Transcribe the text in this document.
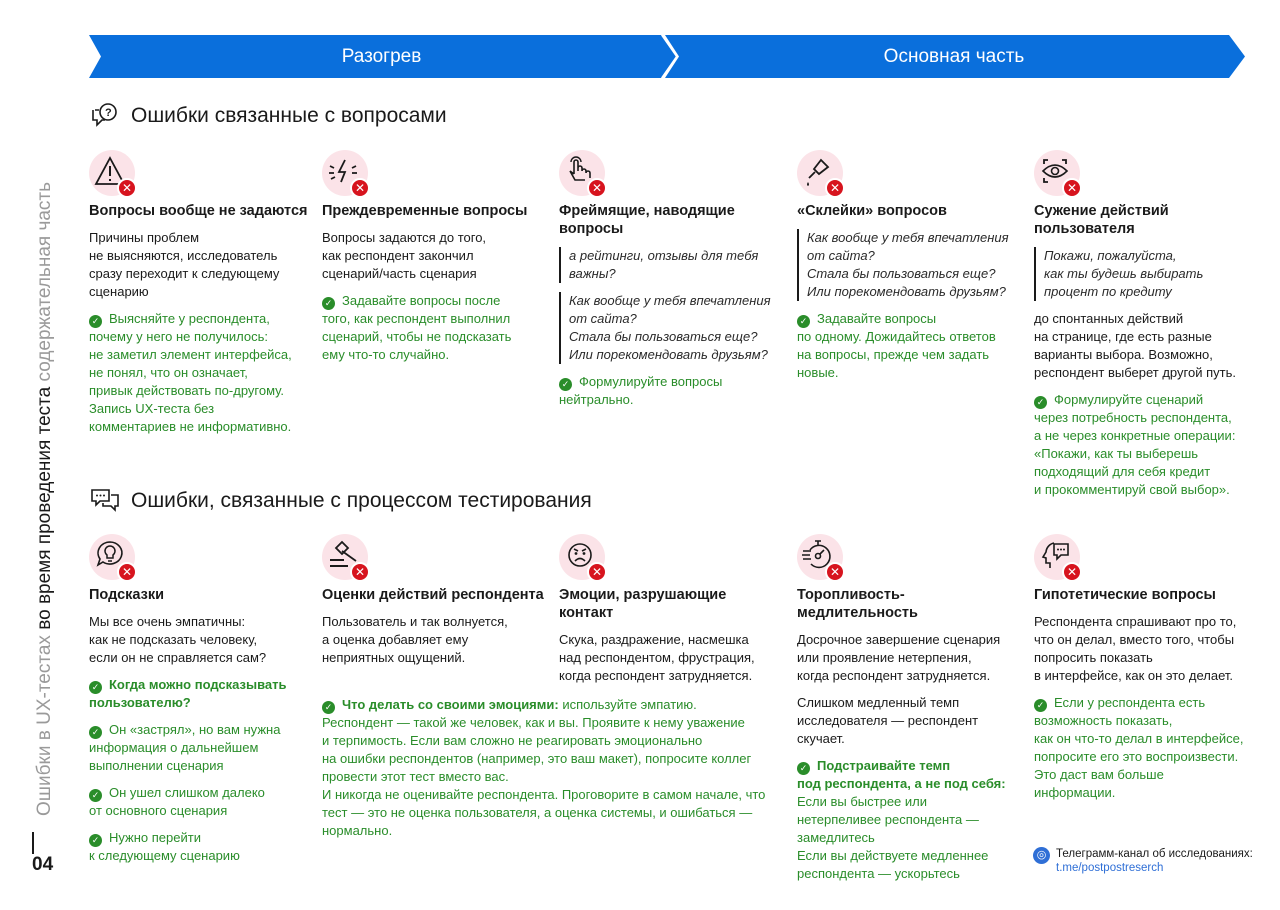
Разогрев	Основная часть
Ошибки в UX-тестах во время проведения теста содержательная часть
04
? Ошибки связанные с вопросами
✕
Вопросы вообще не задаются
Причины проблем
не выясняются, исследователь
сразу переходит к следующему
сценарию
✓ Выясняйте у респондента,
почему у него не получилось:
не заметил элемент интерфейса,
не понял, что он означает,
привык действовать по-другому.
Запись UX-теста без
комментариев не информативно.
✕
Преждевременные вопросы
Вопросы задаются до того,
как респондент закончил
сценарий/часть сценария
✓ Задавайте вопросы после
того, как респондент выполнил
сценарий, чтобы не подсказать
ему что-то случайно.
✕
Фреймящие, наводящие вопросы
а рейтинги, отзывы для тебя
важны?
Как вообще у тебя впечатления
от сайта?
Стала бы пользоваться еще?
Или порекомендовать друзьям?
✓ Формулируйте вопросы
нейтрально.
✕
«Склейки» вопросов
Как вообще у тебя впечатления
от сайта?
Стала бы пользоваться еще?
Или порекомендовать друзьям?
✓ Задавайте вопросы
по одному. Дожидайтесь ответов
на вопросы, прежде чем задать
новые.
✕
Сужение действий пользователя
Покажи, пожалуйста,
как ты будешь выбирать
процент по кредиту
до спонтанных действий
на странице, где есть разные
варианты выбора. Возможно,
респондент выберет другой путь.
✓ Формулируйте сценарий
через потребность респондента,
а не через конкретные операции:
«Покажи, как ты выберешь
подходящий для себя кредит
и прокомментируй свой выбор».
Ошибки, связанные с процессом тестирования
✕
Подсказки
Мы все очень эмпатичны:
как не подсказать человеку,
если он не справляется сам?
✓ Когда можно подсказывать
пользователю?
✓ Он «застрял», но вам нужна
информация о дальнейшем
выполнении сценария
✓ Он ушел слишком далеко
от основного сценария
✓ Нужно перейти
к следующему сценарию
✕
Оценки действий респондента
Пользователь и так волнуется,
а оценка добавляет ему
неприятных ощущений.
✕
Эмоции, разрушающие контакт
Скука, раздражение, насмешка
над респондентом, фрустрация,
когда респондент затрудняется.
✓ Что делать со своими эмоциями: используйте эмпатию.
Респондент — такой же человек, как и вы. Проявите к нему уважение
и терпимость. Если вам сложно не реагировать эмоционально
на ошибки респондентов (например, это ваш макет), попросите коллег
провести этот тест вместо вас.
И никогда не оценивайте респондента. Проговорите в самом начале, что
тест — это не оценка пользователя, а оценка системы, и ошибаться —
нормально.
✕
Торопливость-медлительность
Досрочное завершение сценария
или проявление нетерпения,
когда респондент затрудняется.
Слишком медленный темп
исследователя — респондент
скучает.
✓ Подстраивайте темп
под респондента, а не под себя:
Если вы быстрее или
нетерпеливее респондента —
замедлитесь
Если вы действуете медленнее
респондента — ускорьтесь
✕
Гипотетические вопросы
Респондента спрашивают про то,
что он делал, вместо того, чтобы
попросить показать
в интерфейсе, как он это делает.
✓ Если у респондента есть
возможность показать,
как он что-то делал в интерфейсе,
попросите его это воспроизвести.
Это даст вам больше
информации.
◎ Телеграмм-канал об исследованиях:
t.me/postpostreserch
